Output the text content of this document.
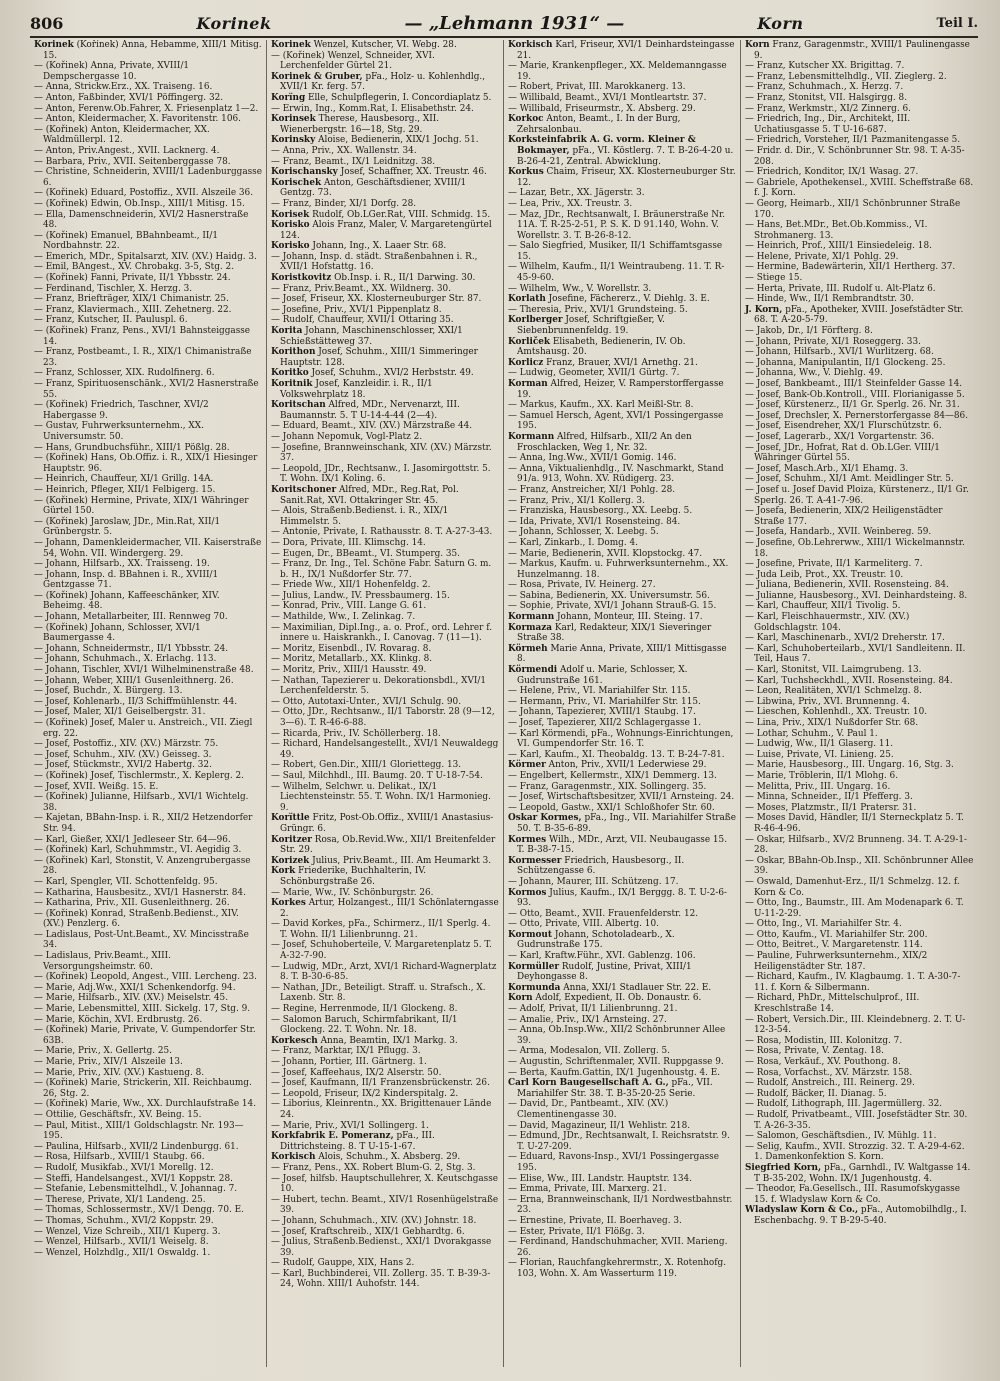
806	Korinek	— „Lehmann 1931“ —	Korn	Teil I.

Korinek (Kořínek) Anna, Hebamme, XIII/1 Mitisg. 15.

— (Kořinek) Anna, Private, XVIII/1 Dempschergasse 10.

— Anna, Strickw.Erz., XX. Traiseng. 16.

— Anton, Faßbinder, XVI/1 Pöffingerg. 32.

— Anton, Ferenw.Ob.Fahrer, X. Friesenplatz 1—2.

— Anton, Kleidermacher, X. Favoritenstr. 106.

— (Kořinek) Anton, Kleidermacher, XX. Waldmüllerpl. 12.

— Anton, Priv.Angest., XVII. Lacknerg. 4.

— Barbara, Priv., XVII. Seitenberggasse 78.

— Christine, Schneiderin, XVIII/1 Ladenburggasse 6.

— (Kořinek) Eduard, Postoffiz., XVII. Alszeile 36.

— (Kořinek) Edwin, Ob.Insp., XIII/1 Mitisg. 15.

— Ella, Damenschneiderin, XVI/2 Hasnerstraße 48.

— (Kořinek) Emanuel, BBahnbeamt., II/1 Nordbahnstr. 22.

— Emerich, MDr., Spitalsarzt, XIV. (XV.) Haidg. 3.

— Emil, BAngest., XV. Chrobakg. 3-5, Stg. 2.

— (Kořinek) Fanni, Private, II/1 Ybbsstr. 24.

— Ferdinand, Tischler, X. Herzg. 3.

— Franz, Briefträger, XIX/1 Chimanistr. 25.

— Franz, Klaviermach., XIII. Zehetnerg. 22.

— Franz, Kutscher, II. Pauluspl. 6.

— (Kořinek) Franz, Pens., XVI/1 Bahnsteiggasse 14.

— Franz, Postbeamt., I. R., XIX/1 Chimanistraße 23.

— Franz, Schlosser, XIX. Rudolfinerg. 6.

— Franz, Spirituosenschänk., XVI/2 Hasnerstraße 55.

— (Kořinek) Friedrich, Taschner, XVI/2 Habergasse 9.

— Gustav, Fuhrwerksunternehm., XX. Universumstr. 50.

— Hans, Grundbuchsführ., XIII/1 Pößlg. 28.

— (Kořinek) Hans, Ob.Offiz. i. R., XIX/1 Hiesinger Hauptstr. 96.

— Heinrich, Chauffeur, XI/1 Grillg. 14A.

— Heinrich, Pfleger, XII/1 Felbigerg. 15.

— (Kořinek) Hermine, Private, XIX/1 Währinger Gürtel 150.

— (Kořinek) Jaroslaw, JDr., Min.Rat, XII/1 Grünbergstr. 5.

— Johann, Damenkleidermacher, VII. Kaiserstraße 54, Wohn. VII. Windergerg. 29.

— Johann, Hilfsarb., XX. Traisseng. 19.

— Johann, Insp. d. BBahnen i. R., XVIII/1 Gentzgasse 71.

— (Kořinek) Johann, Kaffeeschänker, XIV. Beheimg. 48.

— Johann, Metallarbeiter, III. Rennweg 70.

— (Kořinek) Johann, Schlosser, XVI/1 Baumergasse 4.

— Johann, Schneidermstr., II/1 Ybbsstr. 24.

— Johann, Schuhmach., X. Erlachg. 113.

— Johann, Tischler, XVI/1 Wilhelminenstraße 48.

— Johann, Weber, XIII/1 Gusenleithnerg. 26.

— Josef, Buchdr., X. Bürgerg. 13.

— Josef, Kohlenarb., II/3 Schiffmühlenstr. 44.

— Josef, Maler, XI/1 Geiselbergstr. 31.

— (Kořinek) Josef, Maler u. Anstreich., VII. Ziegl erg. 22.

— Josef, Postoffiz., XIV. (XV.) Märzstr. 75.

— Josef, Schuhm., XIV. (XV.) Geisseg. 3.

— Josef, Stückmstr., XVI/2 Habertg. 32.

— (Kořinek) Josef, Tischlermstr., X. Keplerg. 2.

— Josef, XVII. Weißg. 15. E.

— (Kořinek) Julianne, Hilfsarb., XVI/1 Wichtelg. 38.

— Kajetan, BBahn-Insp. i. R., XII/2 Hetzendorfer Str. 94.

— Karl, Gießer, XXI/1 Jedleseer Str. 64—96.

— (Kořinek) Karl, Schuhmmstr., VI. Aegidig 3.

— (Kořinek) Karl, Stonstit, V. Anzengrubergasse 28.

— Karl, Spengler, VII. Schottenfeldg. 95.

— Katharina, Hausbesitz., XVI/1 Hasnerstr. 84.

— Katharina, Priv., XII. Gusenleithnerg. 26.

— (Kořinek) Konrad, Straßenb.Bedienst., XIV. (XV.) Penzlerg. 6.

— Ladislaus, Post-Unt.Beamt., XV. Mincisstraße 34.

— Ladislaus, Priv.Beamt., XIII. Versorgungsheimstr. 60.

— (Kořinek) Leopold, Angest., VIII. Lercheng. 23.

— Marie, Adj.Ww., XXI/1 Schenkendorfg. 94.

— Marie, Hilfsarb., XIV. (XV.) Meiselstr. 45.

— Marie, Lebensmittel, XIII. Sickelg. 17, Stg. 9.

— Marie, Köchin, XVI. Erdbrustg. 26.

— (Kořinek) Marie, Private, V. Gumpendorfer Str. 63B.

— Marie, Priv., X. Gellertg. 25.

— Marie, Priv., XIV/1 Alszeile 13.

— Marie, Priv., XIV. (XV.) Kastueng. 8.

— (Kořinek) Marie, Strickerin, XII. Reichbaumg. 26, Stg. 2.

— (Kořinek) Marie, Ww., XX. Durchlaufstraße 14.

— Ottilie, Geschäftsfr., XV. Being. 15.

— Paul, Mitist., XIII/1 Goldschlagstr. Nr. 193—195.

— Paulina, Hilfsarb., XVII/2 Lindenburgg. 61.

— Rosa, Hilfsarb., XVIII/1 Staubg. 66.

— Rudolf, Musikfab., XVI/1 Morellg. 12.

— Steffi, Handelsangest., XVI/1 Koppstr. 28.

— Stefanie, Lebensmittelhdl., V. Johannag. 7.

— Therese, Private, XI/1 Landeng. 25.

— Thomas, Schlossermstr., XV/1 Dengg. 70. E.

— Thomas, Schuhm., XVI/2 Koppstr. 29.

— Wenzel, Vize Schreib., XII/1 Kuperg. 3.

— Wenzel, Hilfsarb., XVII/1 Weiselg. 8.

— Wenzel, Holzhdlg., XII/1 Oswaldg. 1.

Korinek Wenzel, Kutscher, VI. Webg. 28.

— (Kořinek) Wenzel, Schneider, XVI. Lerchenfelder Gürtel 21.

Korinek & Gruber, pFa., Holz- u. Kohlenhdlg., XVII/1 Kr. ferg. 57.

Korïng Elle, Schulpflegerin, I. Concordiaplatz 5.

— Erwin, Ing., Komm.Rat, I. Elisabethstr. 24.

Korinsek Therese, Hausbesorg., XII. Wienerbergstr. 16—18, Stg. 29.

Korinsky Aloise, Bedienerin, XIX/1 Jochg. 51.

— Anna, Priv., XX. Wallenstr. 34.

— Franz, Beamt., IX/1 Leidnitzg. 38.

Korischansky Josef, Schaffner, XX. Treustr. 46.

Korischek Anton, Geschäftsdiener, XVIII/1 Gentzg. 73.

— Franz, Binder, XI/1 Dorfg. 28.

Korisek Rudolf, Ob.LGer.Rat, VIII. Schmidg. 15.

Korisko Alois Franz, Maler, V. Margaretengürtel 124.

Korisko Johann, Ing., X. Laaer Str. 68.

— Johann, Insp. d. städt. Straßenbahnen i. R., XVII/1 Hofstattg. 16.

Koristkovitz Ob.Insp. i. R., II/1 Darwing. 30.

— Franz, Priv.Beamt., XX. Wildnerg. 30.

— Josef, Friseur, XX. Klosterneuburger Str. 87.

— Josefine, Priv., XVI/1 Pippenplatz 8.

— Rudolf, Chauffeur, XVII/1 Ottaring 35.

Korita Johann, Maschinenschlosser, XXI/1 Schießstätteweg 37.

Korithon Josef, Schuhm., XIII/1 Simmeringer Hauptstr. 128.

Koritko Josef, Schuhm., XVI/2 Herbststr. 49.

Koritnik Josef, Kanzleidir. i. R., II/1 Volkswehrplatz 18.

Koritschan Alfred, MDr., Nervenarzt, III. Baumannstr. 5. T U-14-4-44 (2—4).

— Eduard, Beamt., XIV. (XV.) Märzstraße 44.

— Johann Nepomuk, Vogl-Platz 2.

— Josefine, Brannweinschank, XIV. (XV.) Märzstr. 37.

— Leopold, JDr., Rechtsanw., I. Jasomirgottstr. 5. T. Wohn. IX/1 Koling. 6.

Koritschoner Alfred, MDr., Reg.Rat, Pol. Sanit.Rat, XVI. Ottakringer Str. 45.

— Alois, Straßenb.Bedienst. i. R., XIX/1 Himmelstr. 5.

— Antonie, Private, I. Rathausstr. 8. T. A-27-3-43.

— Dora, Private, III. Klimschg. 14.

— Eugen, Dr., BBeamt., VI. Stumperg. 35.

— Franz, Dr. Ing., Tel. Schöne Fabr. Saturn G. m. b. H., IX/1 Nußdorfer Str. 77.

— Friede Ww., XII/1 Hohenfeldg. 2.

— Julius, Landw., IV. Pressbaumerg. 15.

— Konrad, Priv., VIII. Lange G. 61.

— Mathilde, Ww., I. Zelinkag. 7.

— Maximilian, Dipl.Ing., a. o. Prof., ord. Lehrer f. innere u. Haiskrankh., I. Canovag. 7 (11—1).

— Moritz, Eisenbdl., IV. Rovarag. 8.

— Moritz, Metallarb., XX. Klinkg. 8.

— Moritz, Priv., XIII/1 Hausstr. 49.

— Nathan, Tapezierer u. Dekorationsbdl., XVI/1 Lerchenfelderstr. 5.

— Otto, Autotaxi-Unter., XVI/1 Schulg. 90.

— Otto, JDr., Rechtsanw., II/1 Taborstr. 28 (9—12, 3—6). T. R-46-6-88.

— Ricarda, Priv., IV. Schöllerberg. 18.

— Richard, Handelsangestellt., XVI/1 Neuwaldegg 49.

— Robert, Gen.Dir., XIII/1 Gloriettegg. 13.

— Saul, Milchhdl., III. Baumg. 20. T U-18-7-54.

— Wilhelm, Selchwr. u. Delikat., IX/1 Liechtensteinstr. 55. T. Wohn. IX/1 Harmonieg. 9.

Korïttle Fritz, Post-Ob.Offiz., XVIII/1 Anastasius-Grüngr. 6.

Koritzer Rosa, Ob.Revid.Ww., XII/1 Breitenfelder Str. 29.

Korizek Julius, Priv.Beamt., III. Am Heumarkt 3.

Kork Friederike, Buchhalterin, IV. Schönburgstraße 26.

— Marie, Ww., IV. Schönburgstr. 26.

Korkes Artur, Holzangest., III/1 Schönlaterngasse 2.

— David Korkes, pFa., Schirmerz., II/1 Sperlg. 4. T. Wohn. II/1 Lilienbrunng. 21.

— Josef, Schuhoberteile, V. Margaretenplatz 5. T. A-32-7-90.

— Ludwig, MDr., Arzt, XVI/1 Richard-Wagnerplatz 8. T. B-30-6-85.

— Nathan, JDr., Beteiligt. Straff. u. Strafsch., X. Laxenb. Str. 8.

— Regine, Herrenmode, II/1 Glockeng. 8.

— Salomon Baruch, Schirmfabrikant, II/1 Glockeng. 22. T. Wohn. Nr. 18.

Korkesch Anna, Beamtin, IX/1 Markg. 3.

— Franz, Marktar, IX/1 Pflugg. 3.

— Johann, Portier, III. Gärtnerg. 1.

— Josef, Kaffeehaus, IX/2 Alserstr. 50.

— Josef, Kaufmann, II/1 Franzensbrückenstr. 26.

— Leopold, Friseur, IX/2 Kinderspitalg. 2.

— Liborius, Kleinrentn., XX. Brigittenauer Lände 24.

— Marie, Priv., XVI/1 Sollingerg. 1.

Korkfabrik E. Pomeranz, pFa., III. Dittrichsteing. 8. T U-15-1-67.

Korkisch Alois, Schuhm., X. Absberg. 29.

— Franz, Pens., XX. Robert Blum-G. 2, Stg. 3.

— Josef, hilfsb. Hauptschullehrer, X. Keutschgasse 10.

— Hubert, techn. Beamt., XIV/1 Rosenhügelstraße 39.

— Johann, Schuhmach., XIV. (XV.) Johnstr. 18.

— Josef, Kraftschreib., XIX/1 Gebhardtg. 6.

— Julius, Straßenb.Bedienst., XXI/1 Dvorakgasse 39.

— Rudolf, Gauppe, XIX, Hans 2.

— Karl, Buchbinderei, VII. Zollerg. 35. T. B-39-3-24, Wohn. XIII/1 Auhofstr. 144.

Korkisch Karl, Friseur, XVI/1 Deinhardsteingasse 21.

— Marie, Krankenpfleger., XX. Meldemanngasse 19.

— Robert, Privat, III. Marokkanerg. 13.

— Willibald, Beamt., XVI/1 Montleartstr. 37.

— Willibald, Friseurmstr., X. Absberg. 29.

Korkoc Anton, Beamt., I. In der Burg, Zehrsalonbau.

Korksteinfabrik A. G. vorm. Kleiner & Bokmayer, pFa., VI. Köstlerg. 7. T. B-26-4-20 u. B-26-4-21, Zentral. Abwicklung.

Korkus Chaim, Friseur, XX. Klosterneuburger Str. 12.

— Lazar, Betr., XX. Jägerstr. 3.

— Lea, Priv., XX. Treustr. 3.

— Maz, JDr., Rechtsanwalt, I. Bräunerstraße Nr. 11A. T. R-25-2-51, P. S. K. D 91.140, Wohn. V. Worellstr. 3. T. B-26-8-12.

— Salo Siegfried, Musiker, II/1 Schiffamtsgasse 15.

— Wilhelm, Kaufm., II/1 Weintraubeng. 11. T. R-45-9-60.

— Wilhelm, Ww., V. Worellstr. 3.

Korlath Josefine, Fächererz., V. Diehlg. 3. E.

— Theresia, Priv., XVI/1 Grundsteing. 5.

Korlberger Josef, Schriftgießer, V. Siebenbrunnenfeldg. 19.

Korliček Elisabeth, Bedienerin, IV. Ob. Amtshausg. 20.

Korlicz Franz, Brauer, XVI/1 Arnethg. 21.

— Ludwig, Geometer, XVII/1 Gürtg. 7.

Korman Alfred, Heizer, V. Ramperstorffergasse 19.

— Markus, Kaufm., XX. Karl Meißl-Str. 8.

— Samuel Hersch, Agent, XVI/1 Possingergasse 195.

Kormann Alfred, Hilfsarb., XII/2 An den Froschlacken, Weg 1, Nr. 32.

— Anna, Ing.Ww., XVII/1 Gomig. 146.

— Anna, Viktualienhdlg., IV. Naschmarkt, Stand 91/a. 913, Wohn. XV. Rüdigerg. 23.

— Franz, Anstreicher, XI/1 Pohlg. 28.

— Franz, Priv., XI/1 Kollerg. 3.

— Franziska, Hausbesorg., XX. Leebg. 5.

— Ida, Private, XVI/1 Rosensteing. 84.

— Johann, Schlosser, X. Leebg. 5.

— Karl, Zinkarb., I. Domg. 4.

— Marie, Bedienerin, XVII. Klopstockg. 47.

— Markus, Kaufm. u. Fuhrwerksunternehm., XX. Hunzelmanng. 18.

— Rosa, Private, IV. Heinerg. 27.

— Sabina, Bedienerin, XX. Universumstr. 56.

— Sophie, Private, XVI/1 Johann Strauß-G. 15.

Kormann Johann, Monteur, III. Steing. 17.

Kormaza Karl, Redakteur, XIX/1 Sieveringer Straße 38.

Körmeh Marie Anna, Private, XIII/1 Mittisgasse 8.

Körmendi Adolf u. Marie, Schlosser, X. Gudrunstraße 161.

— Helene, Priv., VI. Mariahilfer Str. 115.

— Hermann, Priv., VI. Mariahilfer Str. 115.

— Johann, Tapezierer, XVIII/1 Staubg. 17.

— Josef, Tapezierer, XII/2 Schlagergasse 1.

— Karl Körmendi, pFa., Wohnungs-Einrichtungen, VI. Gumpendorfer Str. 16. T.

— Karl, Kaufm., XI. Theobaldg. 13. T. B-24-7-81.

Körmer Anton, Priv., XVII/1 Lederwiese 29.

— Engelbert, Kellermstr., XIX/1 Demmerg. 13.

— Franz, Garagenmstr., XIX. Sollingerg. 35.

— Josef, Wirtschaftsbesitzer, XVII/1 Arnsteing. 24.

— Leopold, Gastw., XXI/1 Schloßhofer Str. 60.

Oskar Kormes, pFa., Ing., VII. Mariahilfer Straße 50. T. B-35-6-89.

Kormes Wilh., MDr., Arzt, VII. Neubaugasse 15. T. B-38-7-15.

Kormesser Friedrich, Hausbesorg., II. Schützengasse 6.

— Johann, Maurer, III. Schützeng. 17.

Kormos Julius, Kaufm., IX/1 Berggg. 8. T. U-2-6-93.

— Otto, Beamt., XVII. Frauenfelderstr. 12.

— Otto, Private, VIII. Albertg. 10.

Kormout Johann, Schotoladearb., X. Gudrunstraße 175.

— Karl, Kraftw.Führ., XVI. Gablenzg. 106.

Kormüller Rudolf, Justine, Privat, XIII/1 Deyhongasse 8.

Kormunda Anna, XXI/1 Stadlauer Str. 22. E.

Korn Adolf, Expedient, II. Ob. Donaustr. 6.

— Adolf, Privat, II/1 Lilienbrunng. 21.

— Amalie, Priv., IX/1 Arnsteing. 27.

— Anna, Ob.Insp.Ww., XII/2 Schönbrunner Allee 39.

— Arma, Modesalon, VII. Zollerg. 5.

— Augustin, Schriftenmaler, XVII. Ruppgasse 9.

— Berta, Kaufm.Gattin, IX/1 Jugenhoustg. 4. E.

Carl Korn Baugesellschaft A. G., pFa., VII. Mariahilfer Str. 38. T. B-35-20-25 Serie.

— David, Dr., Pantbeamt., XIV. (XV.) Clementinengasse 30.

— David, Magazineur, II/1 Wehlistr. 218.

— Edmund, JDr., Rechtsanwalt, I. Reichsratstr. 9. T. U-27-209.

— Eduard, Ravons-Insp., XVI/1 Possingergasse 195.

— Elise, Ww., III. Landstr. Hauptstr. 134.

— Emma, Private, III. Marxerg. 21.

— Erna, Brannweinschank, II/1 Nordwestbahnstr. 23.

— Ernestine, Private, II. Boerhaveg. 3.

— Ester, Private, II/1 Flößg. 3.

— Ferdinand, Handschuhmacher, XVII. Marieng. 26.

— Florian, Rauchfangkehrermstr., X. Rotenhofg. 103, Wohn. X. Am Wasserturm 119.

Korn Franz, Garagenmstr., XVIII/1 Paulinengasse 9.

— Franz, Kutscher XX. Brigittag. 7.

— Franz, Lebensmittelhdlg., VII. Zieglerg. 2.

— Franz, Schuhmach., X. Herzg. 7.

— Franz, Stonitst, VII. Halsgirgg. 8.

— Franz, Werkmstr., XI/2 Zinnerg. 6.

— Friedrich, Ing., Dir., Architekt, III. Uchatiusgasse 5. T U-16-687.

— Friedrich, Vorsteher, II/1 Pazmanitengasse 5.

— Fridr. d. Dir., V. Schönbrunner Str. 98. T. A-35-208.

— Friedrich, Konditor, IX/1 Wasag. 27.

— Gabriele, Apothekensel., XVIII. Scheffstraße 68. f. J. Korn.

— Georg, Heimarb., XII/1 Schönbrunner Straße 170.

— Hans, Bet.MDr., Bet.Ob.Kommiss., VI. Strohmanerg. 13.

— Heinrich, Prof., XIII/1 Einsiedeleig. 18.

— Helene, Private, XI/1 Pohlg. 29.

— Hermine, Badewärterin, XII/1 Hertherg. 37.

— Stiege 15.

— Herta, Private, III. Rudolf u. Alt-Platz 6.

— Hinde, Ww., II/1 Rembrandtstr. 30.

J. Korn, pFa., Apotheker, XVIII. Josefstädter Str. 68. T. A-20-5-79.

— Jakob, Dr., I/1 Förfterg. 8.

— Johann, Private, XI/1 Roseggerg. 33.

— Johann, Hilfsarb., XVI/1 Wurlitzerg. 68.

— Johanna, Manipulantin, II/1 Glockeng. 25.

— Johanna, Ww., V. Diehlg. 49.

— Josef, Bankbeamt., III/1 Steinfelder Gasse 14.

— Josef, Bank-Ob.Kontroll., VIII. Florianigasse 5.

— Josef, Kürstenerz., II/1 Gr. Sperlg. 26. Nr. 31.

— Josef, Drechsler, X. Pernerstorfergasse 84—86.

— Josef, Eisendreher, XX/1 Flurschützstr. 6.

— Josef, Lagerarb., XX/1 Vorgartenstr. 36.

— Josef, JDr., Hofrat, Rat d. Ob.LGer. VIII/1 Währinger Gürtel 55.

— Josef, Masch.Arb., XI/1 Ehamg. 3.

— Josef, Schuhm., XI/1 Amt. Meidlinger Str. 5.

— Josef u. Josef David Ploiza, Kürstenerz., II/1 Gr. Sperlg. 26. T. A-41-7-96.

— Josefa, Bedienerin, XIX/2 Heiligenstädter Straße 177.

— Josefa, Handarb., XVII. Weinbereg. 59.

— Josefine, Ob.Lehrerww., XIII/1 Wickelmannstr. 18.

— Josefine, Private, II/1 Karmeliterg. 7.

— Juda Leib, Prot., XX. Treustr. 10.

— Juliana, Bedienerin, XVII. Rosensteing. 84.

— Julianne, Hausbesorg., XVI. Deinhardsteing. 8.

— Karl, Chauffeur, XII/1 Tivolig. 5.

— Karl, Fleischhauermstr., XIV. (XV.) Goldschlagstr. 104.

— Karl, Maschinenarb., XVI/2 Dreherstr. 17.

— Karl, Schuhoberteilarb., XVI/1 Sandleitenn. II. Teil, Haus 7.

— Karl, Stonitst, VII. Laimgrubeng. 13.

— Karl, Tuchsheckhdl., XVII. Rosensteing. 84.

— Leon, Realitäten, XVI/1 Schmelzg. 8.

— Libwina, Priv., XVI. Brunnenng. 4.

— Lieschen, Kohlenhdl., XX. Treustr. 10.

— Lina, Priv., XIX/1 Nußdorfer Str. 68.

— Lothar, Schuhm., V. Paul 1.

— Ludwig, Ww., II/1 Glaserg. 11.

— Luise, Private, VI. Linieng. 25.

— Marie, Hausbesorg., III. Ungarg. 16, Stg. 3.

— Marie, Tröblerin, II/1 Mlohg. 6.

— Melitta, Priv., III. Ungarg. 16.

— Minna, Schneider., II/1 Pfefferg. 3.

— Moses, Platzmstr., II/1 Pratersr. 31.

— Moses David, Händler, II/1 Sterneckplatz 5. T. R-46-4-96.

— Oskar, Hilfsarb., XV/2 Brunneng. 34. T. A-29-1-28.

— Oskar, BBahn-Ob.Insp., XII. Schönbrunner Allee 39.

— Oswald, Damenhut-Erz., II/1 Schmelzg. 12. f. Korn & Co.

— Otto, Ing., Baumstr., III. Am Modenapark 6. T. U-11-2-29.

— Otto, Ing., VI. Mariahilfer Str. 4.

— Otto, Kaufm., VI. Mariahilfer Str. 200.

— Otto, Beitret., V. Margaretenstr. 114.

— Pauline, Fuhrwerksunternehm., XIX/2 Heiligenstädter Str. 187.

— Richard, Kaufm., IV. Klagbaumg. 1. T. A-30-7-11. f. Korn & Silbermann.

— Richard, PhDr., Mittelschulprof., III. Kreschlstraße 14.

— Robert, Versich.Dir., III. Kleindebnerg. 2. T. U-12-3-54.

— Rosa, Modistin, III. Kolonitzg. 7.

— Rosa, Private, V. Zentag. 18.

— Rosa, Verkäuf., XV. Pouthong. 8.

— Rosa, Vorfachst., XV. Märzstr. 158.

— Rudolf, Anstreich., III. Reinerg. 29.

— Rudolf, Bäcker, II. Dianag. 5.

— Rudolf, Lithograph, III. Jagermüllerg. 32.

— Rudolf, Privatbeamt., VIII. Josefstädter Str. 30. T. A-26-3-35.

— Salomon, Geschäftsdien., IV. Mühlg. 11.

— Selig, Kaufm., XVII. Strozzig. 32. T. A-29-4-62. 1. Damenkonfektion S. Korn.

Siegfried Korn, pFa., Garnhdl., IV. Waltgasse 14. T B-35-202, Wohn. IX/1 Jugenhoustg. 4.

— Theodor, Fa.Gesellsch., III. Rasumofskygasse 15. f. Wladyslaw Korn & Co.

Wladyslaw Korn & Co., pFa., Automobilhdlg., I. Eschenbachg. 9. T B-29-5-40.
